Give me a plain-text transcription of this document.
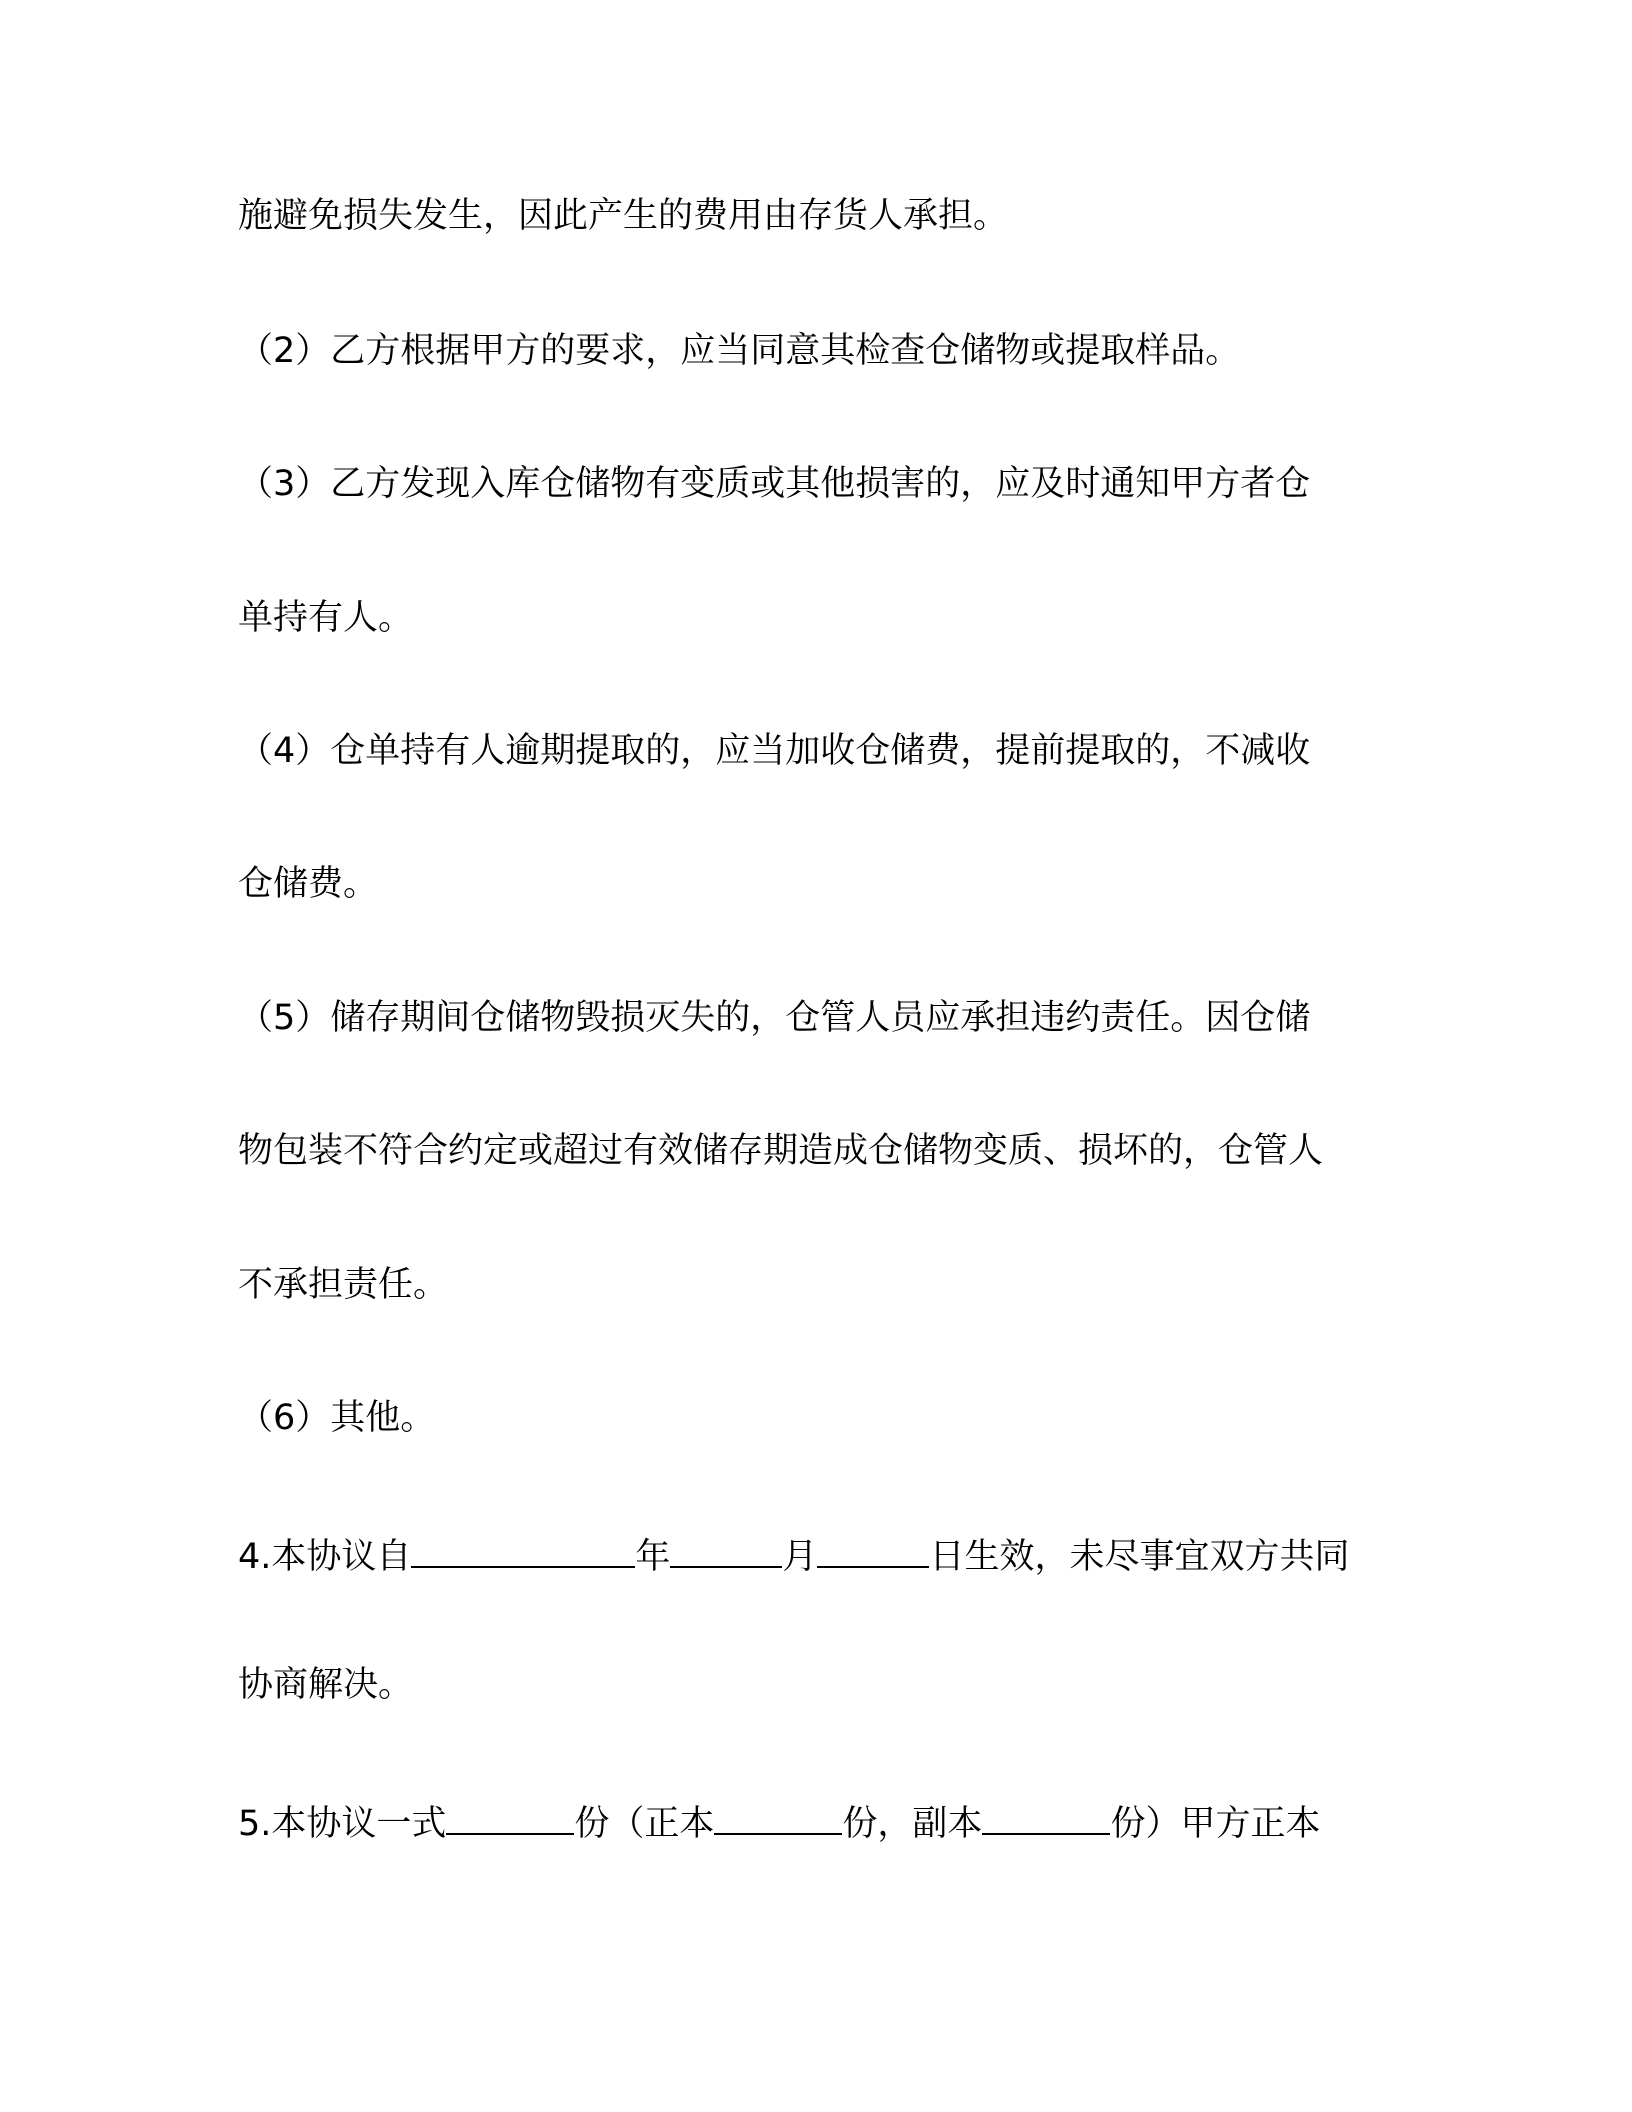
施避免损失发生，因此产生的费用由存货人承担。
（2）乙方根据甲方的要求，应当同意其检查仓储物或提取样品。
（3）乙方发现入库仓储物有变质或其他损害的，应及时通知甲方者仓
单持有人。
（4）仓单持有人逾期提取的，应当加收仓储费，提前提取的，不减收
仓储费。
（5）储存期间仓储物毁损灭失的，仓管人员应承担违约责任。因仓储
物包装不符合约定或超过有效储存期造成仓储物变质、损坏的，仓管人
不承担责任。
（6）其他。
4.本协议自	年	月	日生效，未尽事宜双方共同
协商解决。
5.本协议一式	份（正本	份，副本	份）甲方正本
